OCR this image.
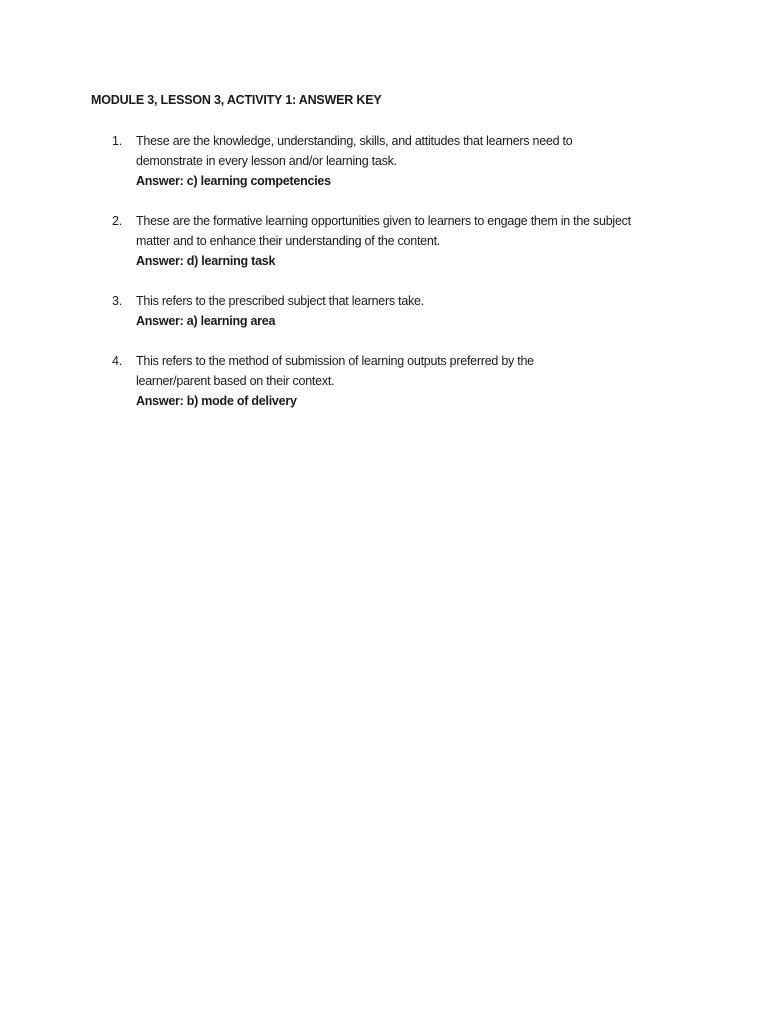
MODULE 3, LESSON 3, ACTIVITY 1: ANSWER KEY
1. These are the knowledge, understanding, skills, and attitudes that learners need to
demonstrate in every lesson and/or learning task.
Answer: c) learning competencies
2. These are the formative learning opportunities given to learners to engage them in the subject
matter and to enhance their understanding of the content.
Answer: d) learning task
3. This refers to the prescribed subject that learners take.
Answer: a) learning area
4. This refers to the method of submission of learning outputs preferred by the
learner/parent based on their context.
Answer: b) mode of delivery
